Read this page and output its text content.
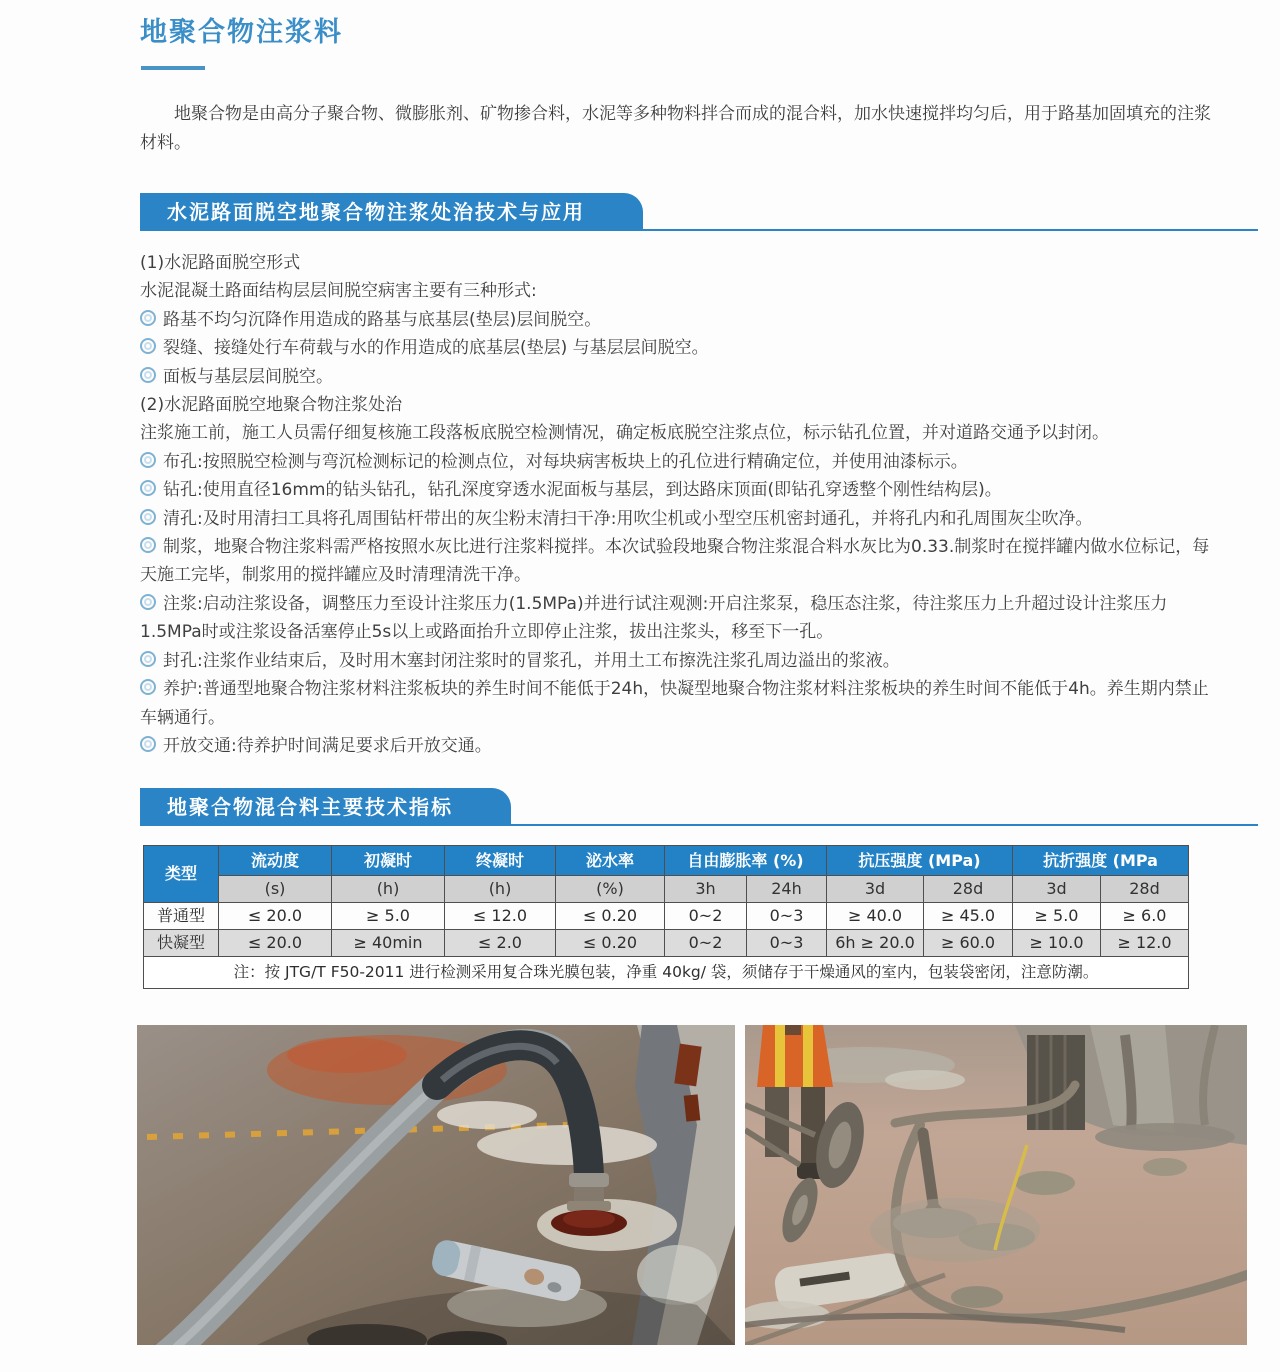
地聚合物注浆料

地聚合物是由高分子聚合物、微膨胀剂、矿物掺合料，水泥等多种物料拌合而成的混合料，加水快速搅拌均匀后，用于路基加固填充的注浆材料。

水泥路面脱空地聚合物注浆处治技术与应用

(1)水泥路面脱空形式

水泥混凝土路面结构层层间脱空病害主要有三种形式:

路基不均匀沉降作用造成的路基与底基层(垫层)层间脱空。

裂缝、接缝处行车荷载与水的作用造成的底基层(垫层) 与基层层间脱空。

面板与基层层间脱空。

(2)水泥路面脱空地聚合物注浆处治

注浆施工前，施工人员需仔细复核施工段落板底脱空检测情况，确定板底脱空注浆点位，标示钻孔位置，并对道路交通予以封闭。

布孔:按照脱空检测与弯沉检测标记的检测点位，对每块病害板块上的孔位进行精确定位，并使用油漆标示。

钻孔:使用直径16mm的钻头钻孔，钻孔深度穿透水泥面板与基层，到达路床顶面(即钻孔穿透整个刚性结构层)。

清孔:及时用清扫工具将孔周围钻杆带出的灰尘粉末清扫干净:用吹尘机或小型空压机密封通孔，并将孔内和孔周围灰尘吹净。

制浆，地聚合物注浆料需严格按照水灰比进行注浆料搅拌。本次试验段地聚合物注浆混合料水灰比为0.33.制浆时在搅拌罐内做水位标记，每天施工完毕，制浆用的搅拌罐应及时清理清洗干净。

注浆:启动注浆设备，调整压力至设计注浆压力(1.5MPa)并进行试注观测:开启注浆泵，稳压态注浆，待注浆压力上升超过设计注浆压力1.5MPa时或注浆设备活塞停止5s以上或路面抬升立即停止注浆，拔出注浆头，移至下一孔。

封孔:注浆作业结束后，及时用木塞封闭注浆时的冒浆孔，并用土工布擦洗注浆孔周边溢出的浆液。

养护:普通型地聚合物注浆材料注浆板块的养生时间不能低于24h，快凝型地聚合物注浆材料注浆板块的养生时间不能低于4h。养生期内禁止车辆通行。

开放交通:待养护时间满足要求后开放交通。

地聚合物混合料主要技术指标
类型	流动度	初凝时	终凝时	泌水率	自由膨胀率 (%)		抗压强度 (MPa)		抗折强度 (MPa	
	(s)	(h)	(h)	(%)	3h	24h	3d	28d	3d	28d
普通型	≤ 20.0	≥ 5.0	≤ 12.0	≤ 0.20	0~2	0~3	≥ 40.0	≥ 45.0	≥ 5.0	≥ 6.0
快凝型	≤ 20.0	≥ 40min	≤ 2.0	≤ 0.20	0~2	0~3	6h ≥ 20.0	≥ 60.0	≥ 10.0	≥ 12.0
注：按 JTG/T F50-2011 进行检测采用复合珠光膜包装，净重 40kg/ 袋，须储存于干燥通风的室内，包装袋密闭，注意防潮。										
